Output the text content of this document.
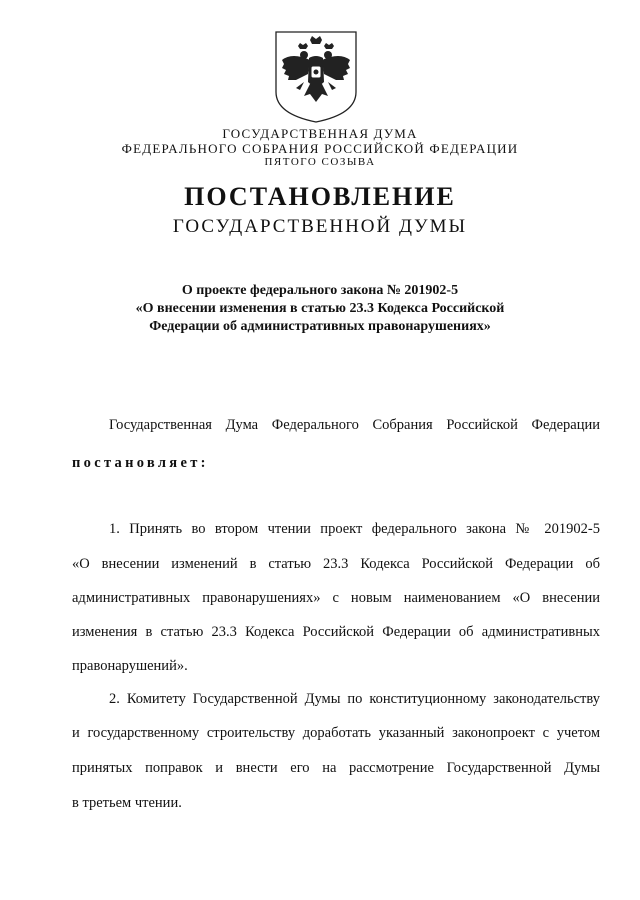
ГОСУДАРСТВЕННАЯ ДУМА
ФЕДЕРАЛЬНОГО СОБРАНИЯ РОССИЙСКОЙ ФЕДЕРАЦИИ
ПЯТОГО СОЗЫВА
ПОСТАНОВЛЕНИЕ
ГОСУДАРСТВЕННОЙ ДУМЫ
О проекте федерального закона № 201902-5
«О внесении изменения в статью 23.3 Кодекса Российской
Федерации об административных правонарушениях»
Государственная Дума Федерального Собрания Российской Федерации
постановляет:
1. Принять во втором чтении проект федерального закона № 201902-5
«О внесении изменений в статью 23.3 Кодекса Российской Федерации об
административных правонарушениях» с новым наименованием «О внесении
изменения в статью 23.3 Кодекса Российской Федерации об административных
правонарушений».
2. Комитету Государственной Думы по конституционному законодательству
и государственному строительству доработать указанный законопроект с учетом
принятых поправок и внести его на рассмотрение Государственной Думы
в третьем чтении.
